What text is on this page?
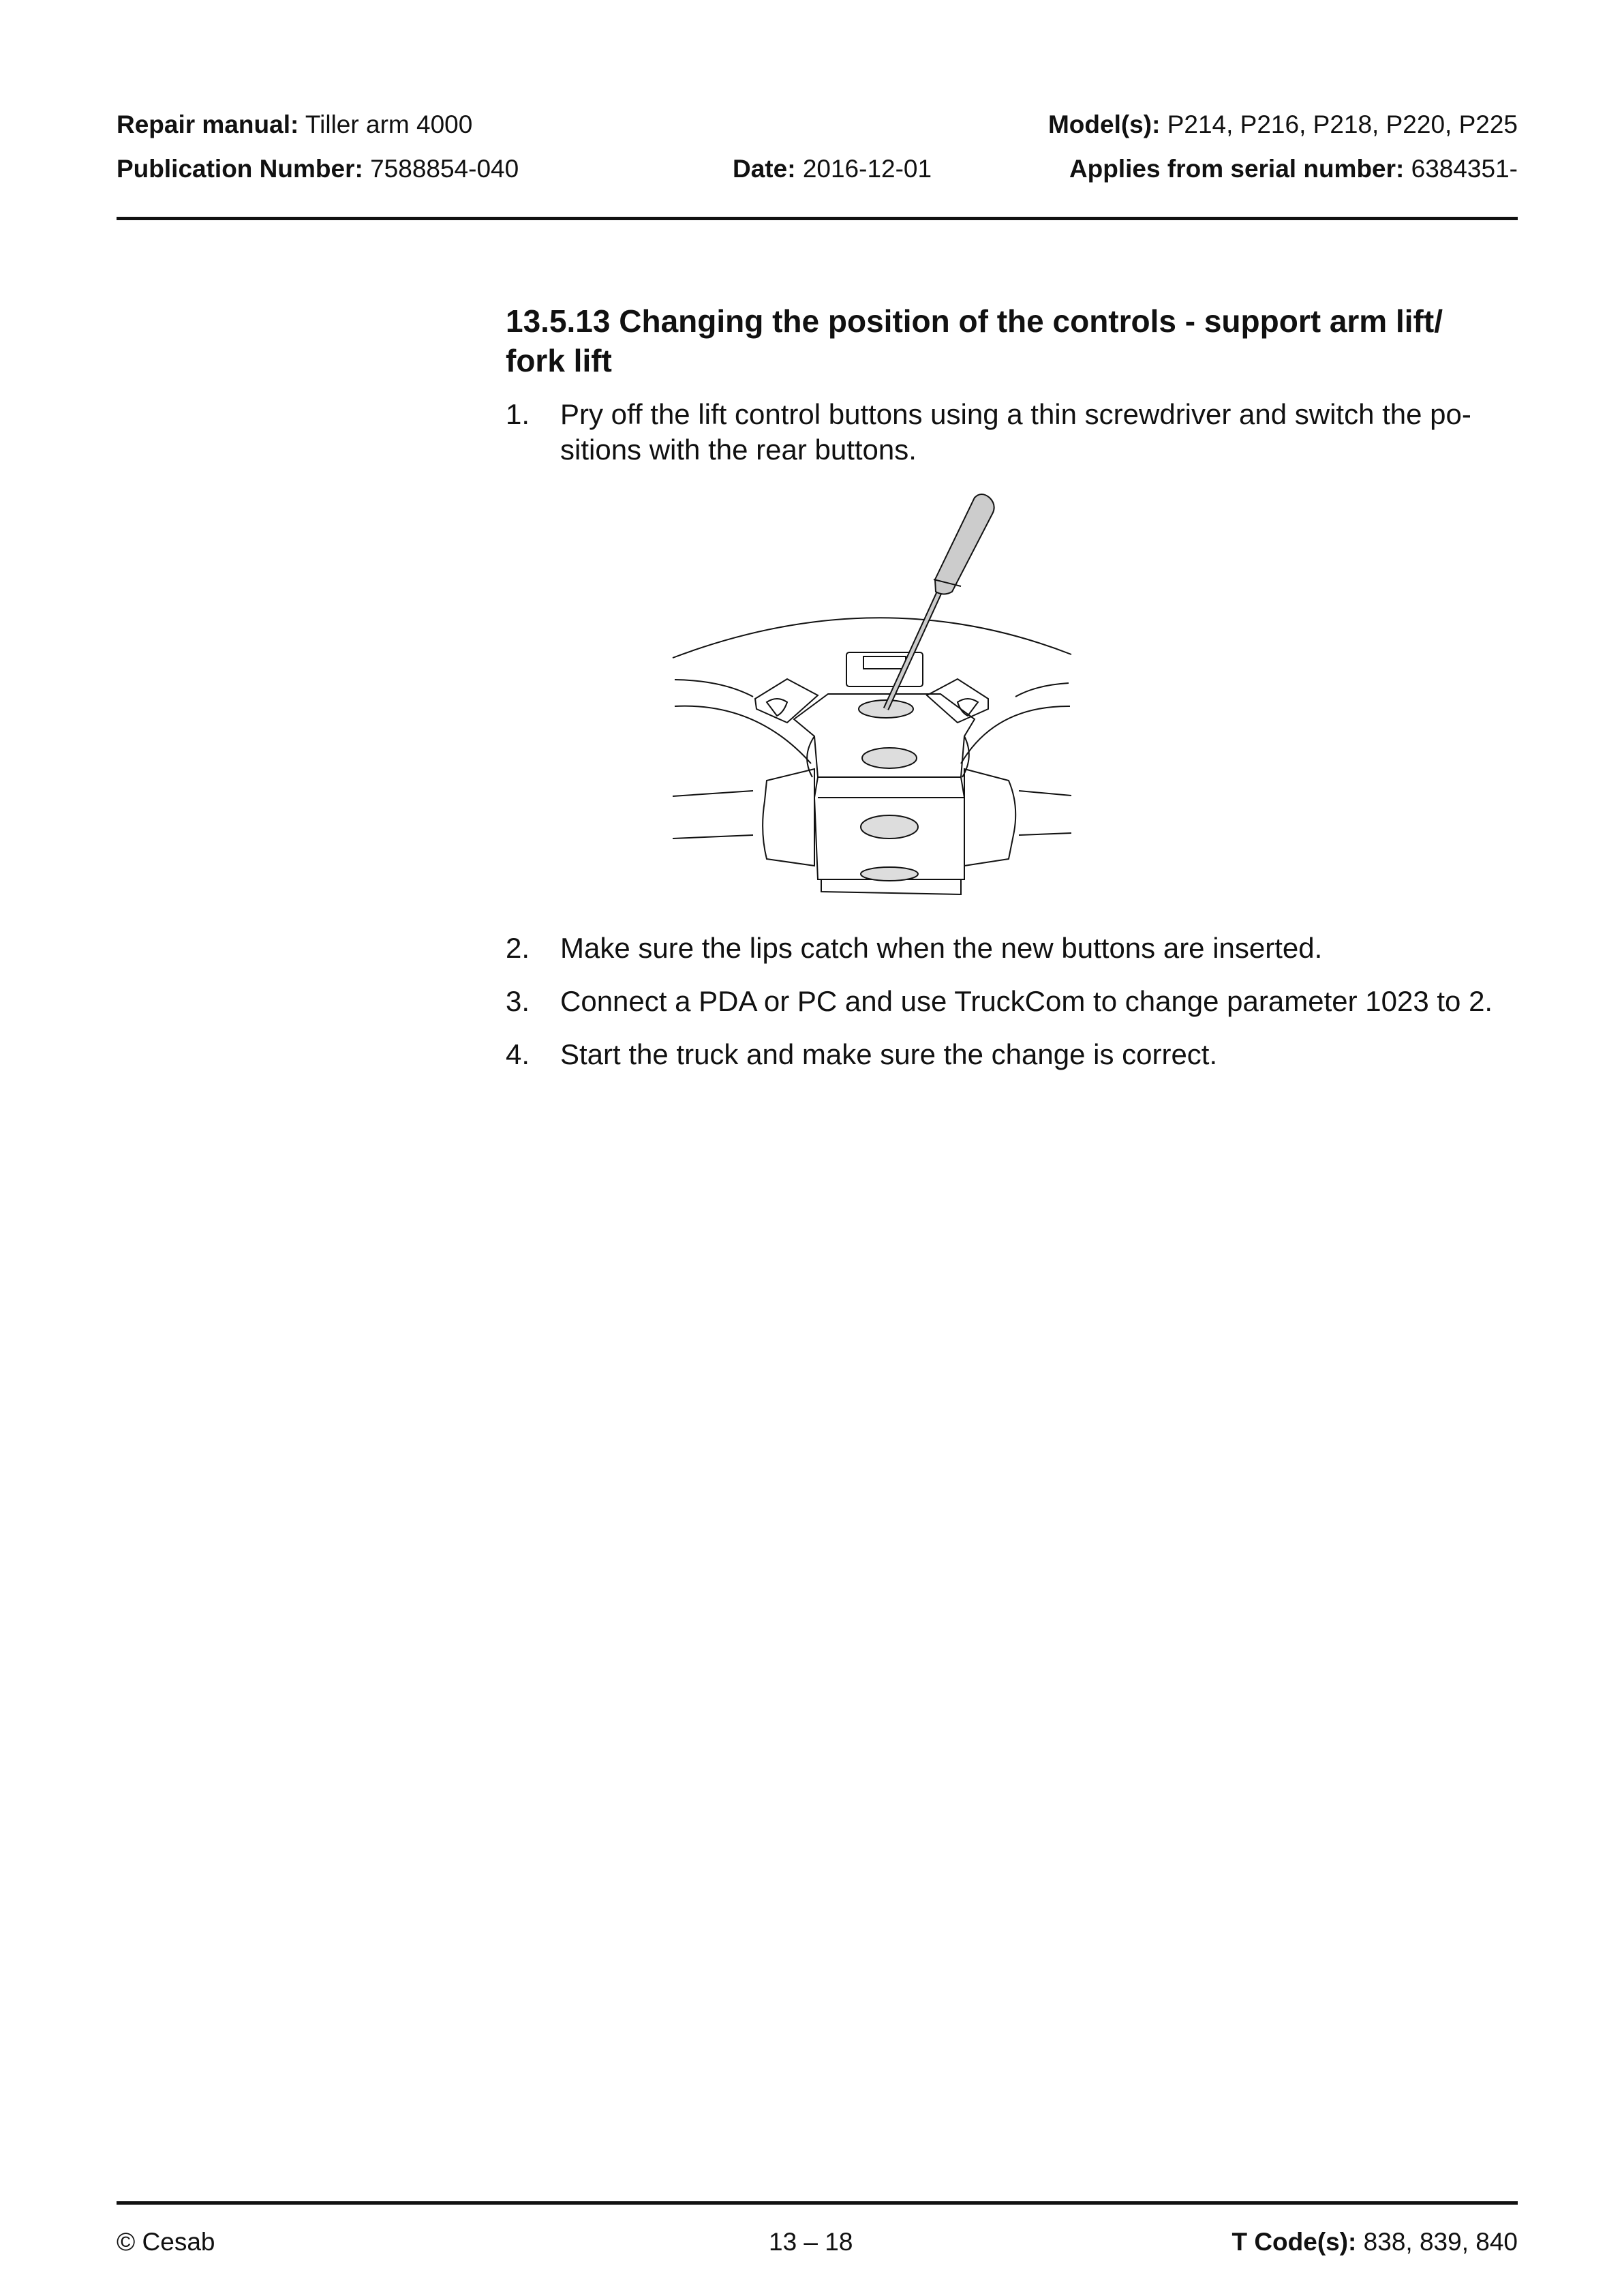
Repair manual: Tiller arm 4000	Model(s): P214, P216, P218, P220, P225
Publication Number: 7588854-040	Date: 2016-12-01	Applies from serial number: 6384351-
13.5.13 Changing the position of the controls - support arm lift/
fork lift
1. Pry off the lift control buttons using a thin screwdriver and switch the po-
sitions with the rear buttons.
2. Make sure the lips catch when the new buttons are inserted.
3. Connect a PDA or PC and use TruckCom to change parameter 1023 to 2.
4. Start the truck and make sure the change is correct.
© Cesab	13 – 18	T Code(s): 838, 839, 840
